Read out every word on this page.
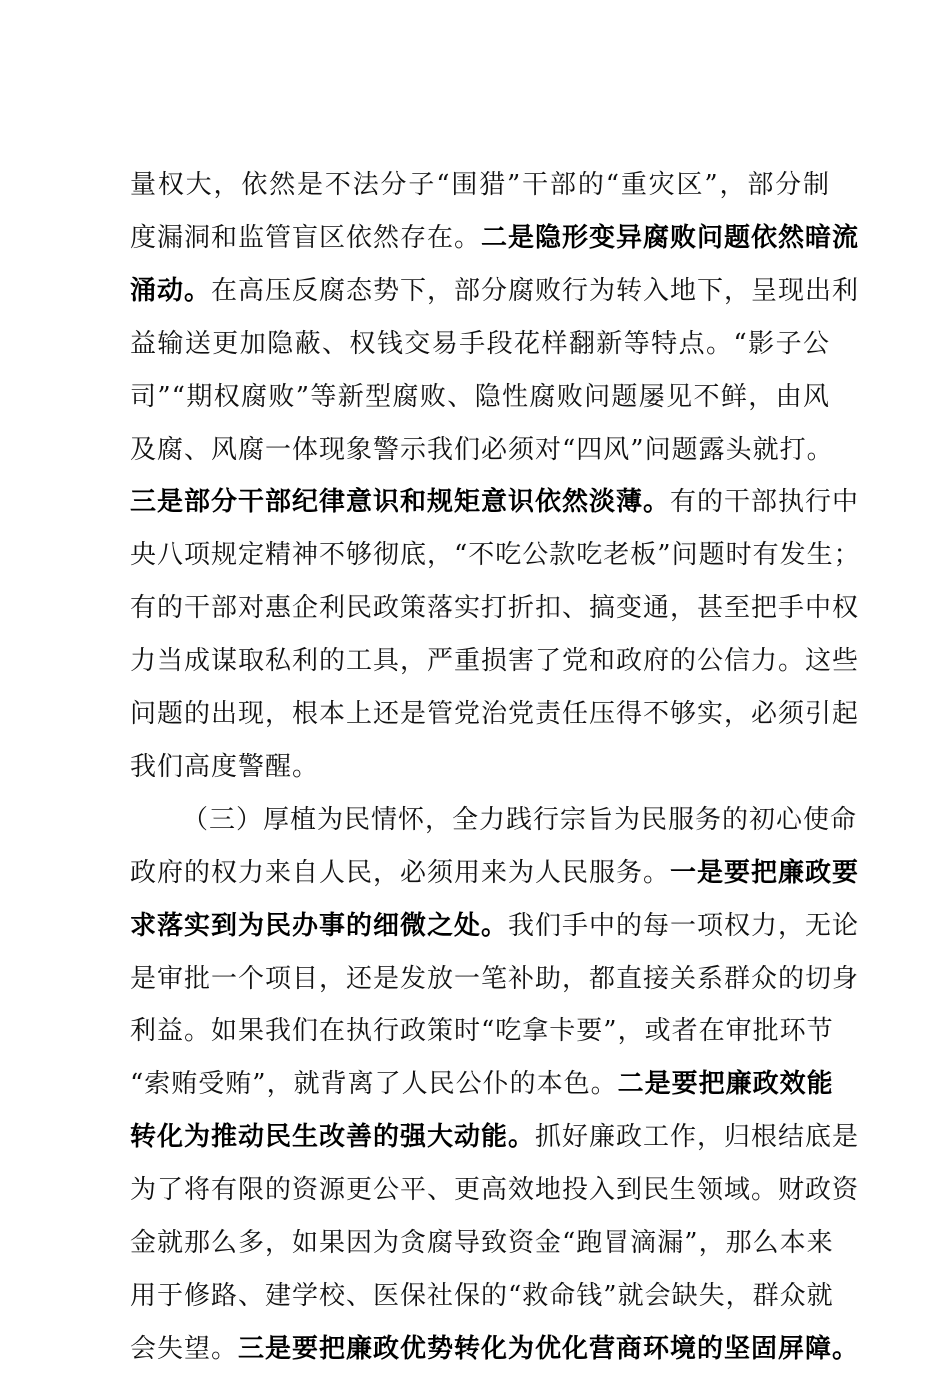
量权大，依然是不法分子“围猎”干部的“重灾区”，部分制
度漏洞和监管盲区依然存在。二是隐形变异腐败问题依然暗流
涌动。在高压反腐态势下，部分腐败行为转入地下，呈现出利
益输送更加隐蔽、权钱交易手段花样翻新等特点。“影子公
司”“期权腐败”等新型腐败、隐性腐败问题屡见不鲜，由风
及腐、风腐一体现象警示我们必须对“四风”问题露头就打。
三是部分干部纪律意识和规矩意识依然淡薄。有的干部执行中
央八项规定精神不够彻底，“不吃公款吃老板”问题时有发生；
有的干部对惠企利民政策落实打折扣、搞变通，甚至把手中权
力当成谋取私利的工具，严重损害了党和政府的公信力。这些
问题的出现，根本上还是管党治党责任压得不够实，必须引起
我们高度警醒。
（三）厚植为民情怀，全力践行宗旨为民服务的初心使命
政府的权力来自人民，必须用来为人民服务。一是要把廉政要
求落实到为民办事的细微之处。我们手中的每一项权力，无论
是审批一个项目，还是发放一笔补助，都直接关系群众的切身
利益。如果我们在执行政策时“吃拿卡要”，或者在审批环节
“索贿受贿”，就背离了人民公仆的本色。二是要把廉政效能
转化为推动民生改善的强大动能。抓好廉政工作，归根结底是
为了将有限的资源更公平、更高效地投入到民生领域。财政资
金就那么多，如果因为贪腐导致资金“跑冒滴漏”，那么本来
用于修路、建学校、医保社保的“救命钱”就会缺失，群众就
会失望。三是要把廉政优势转化为优化营商环境的坚固屏障。
